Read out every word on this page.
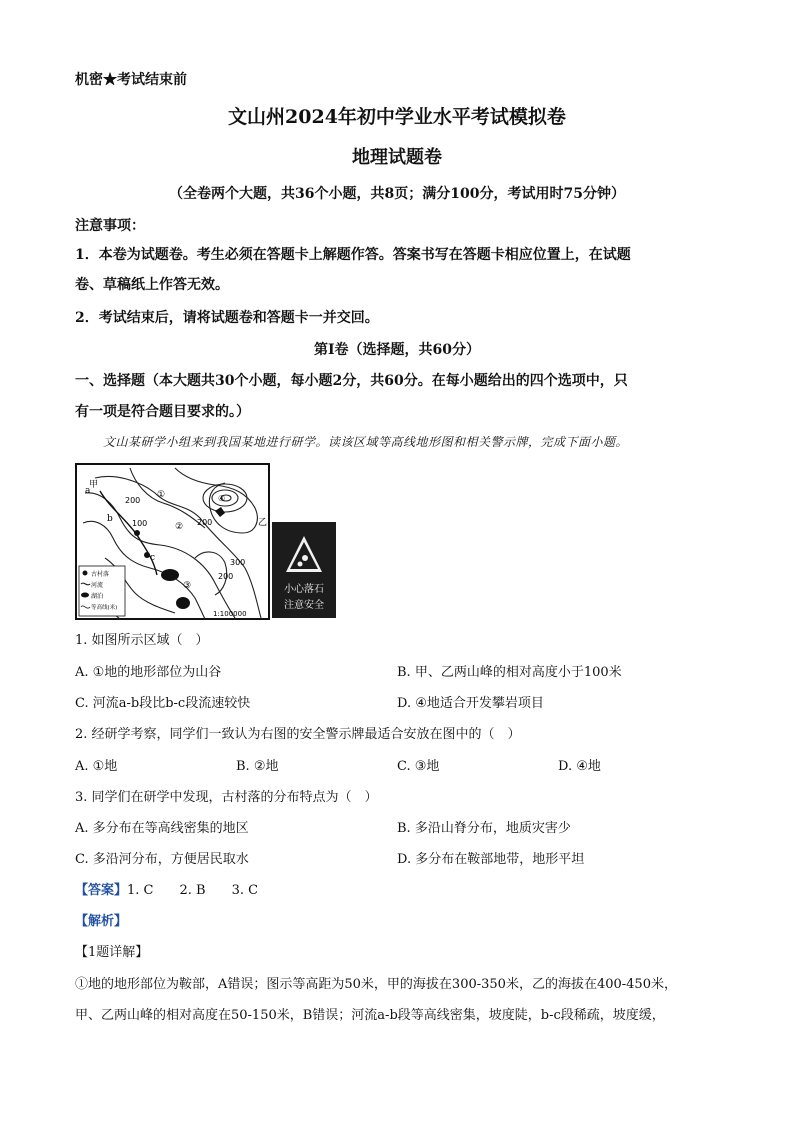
机密★考试结束前
文山州2024年初中学业水平考试模拟卷
地理试题卷
（全卷两个大题，共36个小题，共8页；满分100分，考试用时75分钟）
注意事项：
1．本卷为试题卷。考生必须在答题卡上解题作答。答案书写在答题卡相应位置上，在试题
卷、草稿纸上作答无效。
2．考试结束后，请将试题卷和答题卡一并交回。
第Ⅰ卷（选择题，共60分）
一、选择题（本大题共30个小题，每小题2分，共60分。在每小题给出的四个选项中，只
有一项是符合题目要求的。）
文山某研学小组来到我国某地进行研学。读该区域等高线地形图和相关警示牌，完成下面小题。
甲
a
b
c
乙
①
②
③
④
200
100	200
300
200
古村落
河流
湖泊
等高线(米)
1:100000
小心落石
注意安全
1. 如图所示区域（　）
A. ①地的地形部位为山谷	B. 甲、乙两山峰的相对高度小于100米
C. 河流a-b段比b-c段流速较快	D. ④地适合开发攀岩项目
2. 经研学考察，同学们一致认为右图的安全警示牌最适合安放在图中的（　）
A. ①地	B. ②地	C. ③地	D. ④地
3. 同学们在研学中发现，古村落的分布特点为（　）
A. 多分布在等高线密集的地区	B. 多沿山脊分布，地质灾害少
C. 多沿河分布，方便居民取水	D. 多分布在鞍部地带，地形平坦
【答案】1. C　　2. B　　3. C
【解析】
【1题详解】
①地的地形部位为鞍部，A错误；图示等高距为50米，甲的海拔在300-350米，乙的海拔在400-450米，
甲、乙两山峰的相对高度在50-150米，B错误；河流a-b段等高线密集，坡度陡，b-c段稀疏，坡度缓，
